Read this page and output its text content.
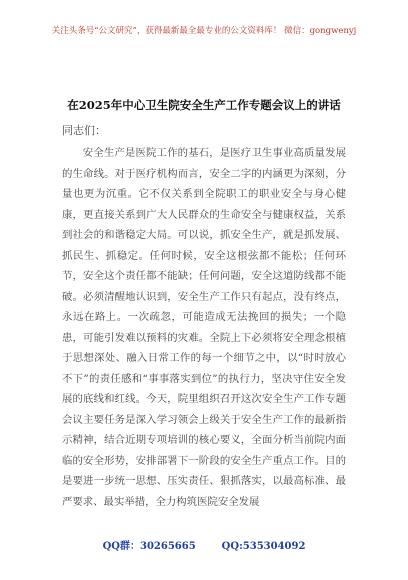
关注头条号“公文研究”，获得最新最全最专业的公文资料库！ 微信：gongwenyj
在2025年中心卫生院安全生产工作专题会议上的讲话
同志们：
安全生产是医院工作的基石，是医疗卫生事业高质量发展的生命线。对于医疗机构而言，安全二字的内涵更为深刻，分量也更为沉重。它不仅关系到全院职工的职业安全与身心健康，更直接关系到广大人民群众的生命安全与健康权益，关系到社会的和谐稳定大局。可以说，抓安全生产，就是抓发展、抓民生、抓稳定。任何时候，安全这根弦都不能松；任何环节，安全这个责任都不能缺；任何问题，安全这道防线都不能破。必须清醒地认识到，安全生产工作只有起点，没有终点，永远在路上。一次疏忽，可能造成无法挽回的损失；一个隐患，可能引发难以预料的灾难。全院上下必须将安全理念根植于思想深处、融入日常工作的每一个细节之中，以“时时放心不下”的责任感和“事事落实到位”的执行力，坚决守住安全发展的底线和红线。今天，院里组织召开这次安全生产工作专题会议主要任务是深入学习领会上级关于安全生产工作的最新指示精神，结合近期专项培训的核心要义，全面分析当前院内面临的安全形势，安排部署下一阶段的安全生产重点工作。目的是要进一步统一思想、压实责任、狠抓落实，以最高标准、最严要求、最实举措，全力构筑医院安全发展
QQ群：30265665	QQ:535304092
